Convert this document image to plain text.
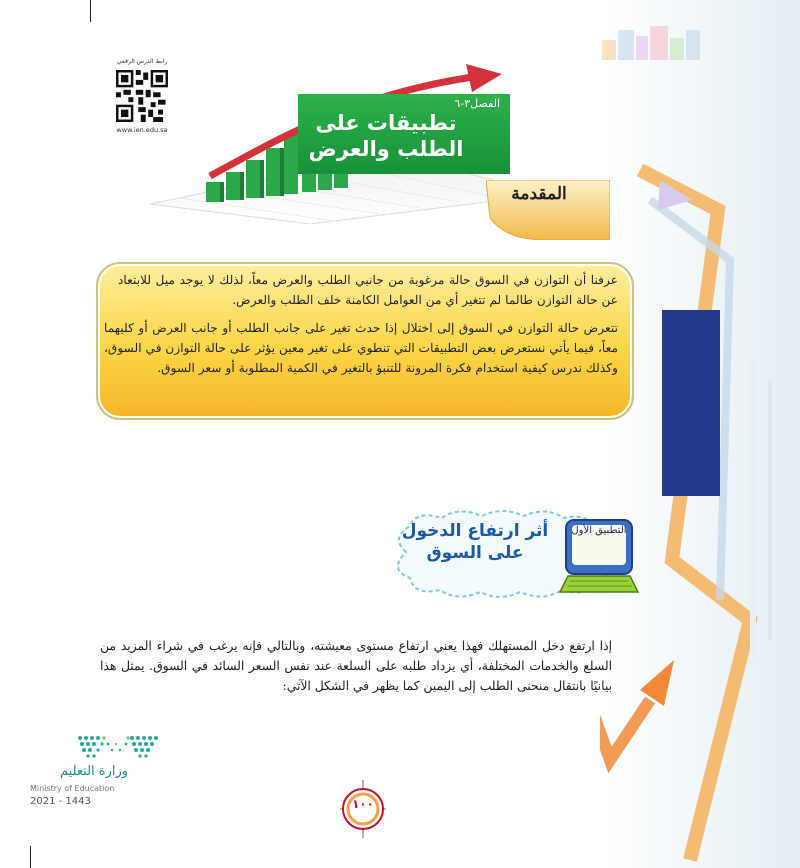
رابط الدرس الرقمي
www.ien.edu.sa
الفصل٣-٦
تطبيقات على الطلب والعرض
المقدمة
عرفنا أن التوازن في السوق حالة مرغوبة من جانبي الطلب والعرض معاً، لذلك لا يوجد ميل للابتعاد عن حالة التوازن طالما لم تتغير أي من العوامل الكامنة خلف الطلب والعرض.
تتعرض حالة التوازن في السوق إلى اختلال إذا حدث تغير على جانب الطلب أو جانب العرض أو كليهما معاً، فيما يأتي نستعرض بعض التطبيقات التي تنطوي على تغير معين يؤثر على حالة التوازن في السوق، وكذلك ندرس كيفية استخدام فكرة المرونة للتنبؤ بالتغير في الكمية المطلوبة أو سعر السوق.
التطبيق الأول
أثر ارتفاع الدخول على السوق
إذا ارتفع دخل المستهلك فهذا يعني ارتفاع مستوى معيشته، وبالتالي فإنه يرغب في شراء المزيد من السلع والخدمات المختلفة، أي يزداد طلبه على السلعة عند نفس السعر السائد في السوق. يمثل هذا بيانيًا بانتقال منحنى الطلب إلى اليمين كما يظهر في الشكل الآتي:
وزارة التعليم
Ministry of Education
2021 - 1443	١٠٠
